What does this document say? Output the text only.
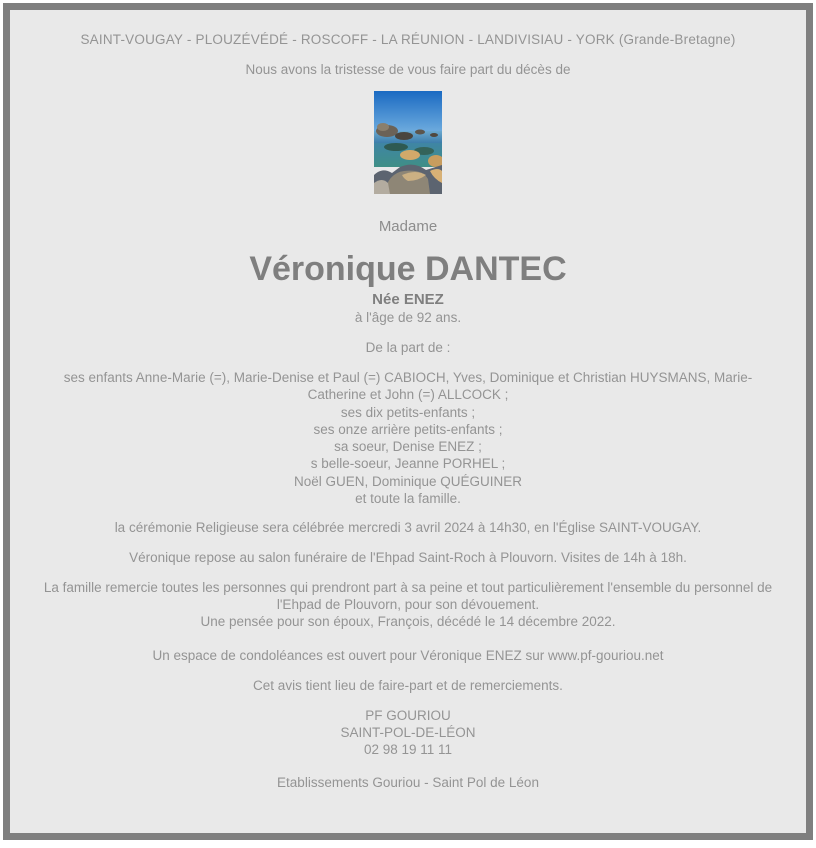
SAINT-VOUGAY - PLOUZÉVÉDÉ - ROSCOFF - LA RÉUNION - LANDIVISIAU - YORK (Grande-Bretagne)

Nous avons la tristesse de vous faire part du décès de

Madame

Véronique DANTEC
Née ENEZ

à l'âge de 92 ans.

De la part de :

ses enfants Anne-Marie (=), Marie-Denise et Paul (=) CABIOCH, Yves, Dominique et Christian HUYSMANS, Marie-Catherine et John (=) ALLCOCK ;
ses dix petits-enfants ;
ses onze arrière petits-enfants ;
sa soeur, Denise ENEZ ;
s belle-soeur, Jeanne PORHEL ;
Noël GUEN, Dominique QUÉGUINER
et toute la famille.

la cérémonie Religieuse sera célébrée mercredi 3 avril 2024 à 14h30, en l'Église SAINT-VOUGAY.

Véronique repose au salon funéraire de l'Ehpad Saint-Roch à Plouvorn. Visites de 14h à 18h.

La famille remercie toutes les personnes qui prendront part à sa peine et tout particulièrement l'ensemble du personnel de l'Ehpad de Plouvorn, pour son dévouement.
Une pensée pour son époux, François, décédé le 14 décembre 2022.

Un espace de condoléances est ouvert pour Véronique ENEZ sur www.pf-gouriou.net

Cet avis tient lieu de faire-part et de remerciements.

PF GOURIOU
SAINT-POL-DE-LÉON
02 98 19 11 11

Etablissements Gouriou - Saint Pol de Léon
